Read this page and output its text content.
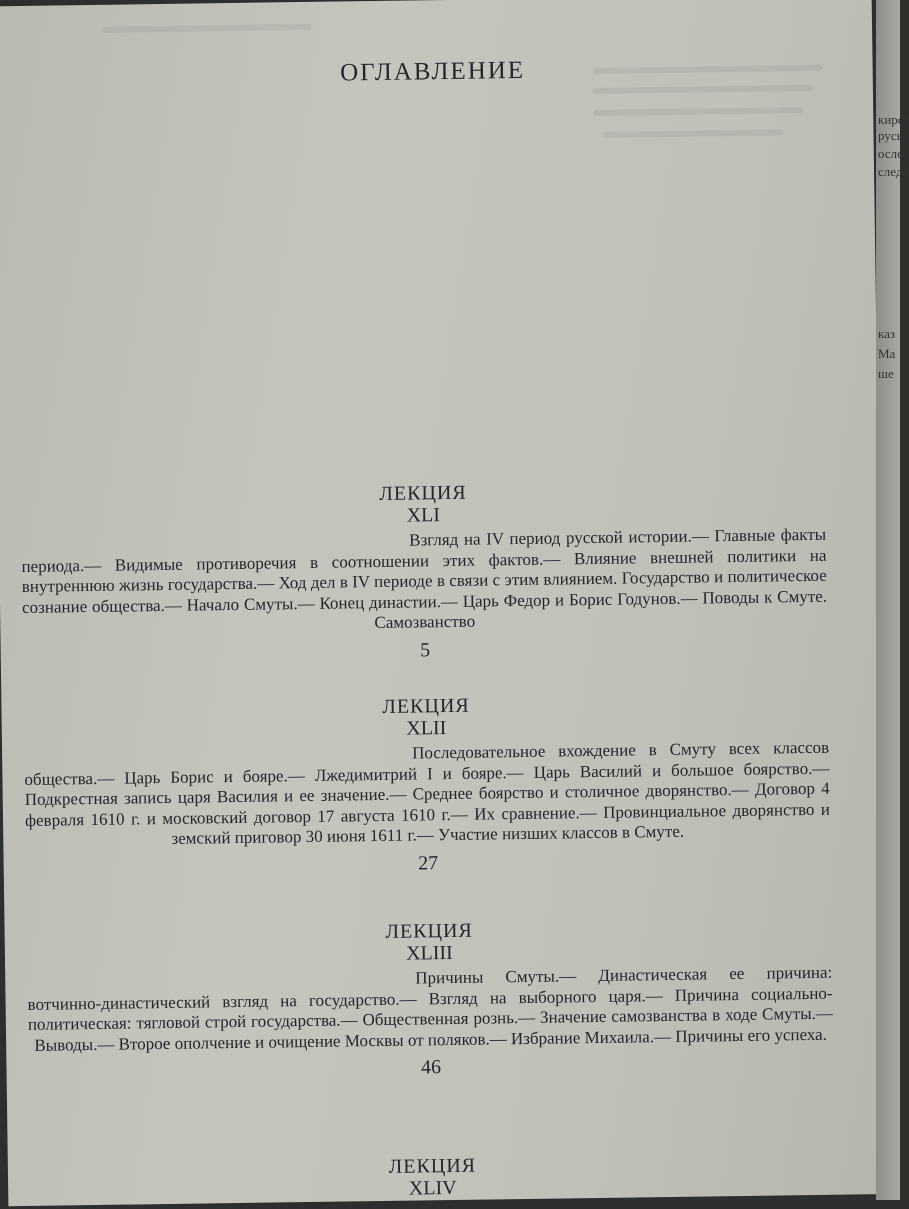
ОГЛАВЛЕНИЕ
ЛЕКЦИЯ
XLI
Взгляд на IV период русской истории.— Главные факты периода.— Видимые противоречия в соотношении этих фактов.— Влияние внешней политики на внутреннюю жизнь государства.— Ход дел в IV периоде в связи с этим влиянием. Государство и политическое сознание общества.— Начало Смуты.— Конец династии.— Царь Федор и Борис Годунов.— Поводы к Смуте. Самозванство
5
ЛЕКЦИЯ
XLII
Последовательное вхождение в Смуту всех классов общества.— Царь Борис и бояре.— Лжедимитрий I и бояре.— Царь Василий и большое боярство.— Подкрестная запись царя Василия и ее значение.— Среднее боярство и столичное дворянство.— Договор 4 февраля 1610 г. и московский договор 17 августа 1610 г.— Их сравнение.— Провинциальное дворянство и земский приговор 30 июня 1611 г.— Участие низших классов в Смуте.
27
ЛЕКЦИЯ
XLIII
Причины Смуты.— Династическая ее причина: вотчинно-династический взгляд на государство.— Взгляд на выборного царя.— Причина социально-политическая: тягловой строй государства.— Общественная рознь.— Значение самозванства в ходе Смуты.— Выводы.— Второе ополчение и очищение Москвы от поляков.— Избрание Михаила.— Причины его успеха.
46
ЛЕКЦИЯ
XLIV
кирст
русь
осле
следе
каз
Ма
ше
